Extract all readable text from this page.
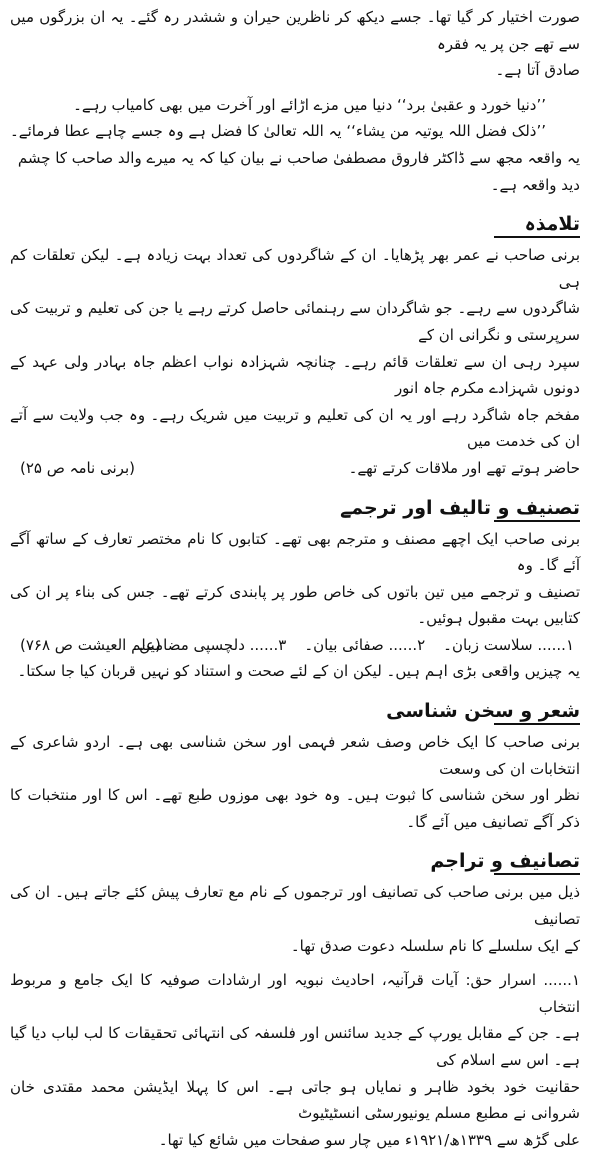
صورت اختیار کر گیا تھا۔ جسے دیکھ کر ناظرین حیران و ششدر رہ گئے۔ یہ ان بزرگوں میں سے تھے جن پر یہ فقرہ
صادق آتا ہے۔
’’دنیا خورد و عقبیٰ برد‘‘ دنیا میں مزے اڑائے اور آخرت میں بھی کامیاب رہے۔
’’ذلک فضل اللہ یوتیہ من یشاء‘‘ یہ اللہ تعالیٰ کا فضل ہے وہ جسے چاہے عطا فرمائے۔
یہ واقعہ مجھ سے ڈاکٹر فاروق مصطفیٰ صاحب نے بیان کیا کہ یہ میرے والد صاحب کا چشم دید واقعہ ہے۔
تلامذہ
برنی صاحب نے عمر بھر پڑھایا۔ ان کے شاگردوں کی تعداد بہت زیادہ ہے۔ لیکن تعلقات کم ہی
شاگردوں سے رہے۔ جو شاگردان سے رہنمائی حاصل کرتے رہے یا جن کی تعلیم و تربیت کی سرپرستی و نگرانی ان کے
سپرد رہی ان سے تعلقات قائم رہے۔ چنانچہ شہزادہ نواب اعظم جاہ بہادر ولی عہد کے دونوں شہزادے مکرم جاہ انور
مفخم جاہ شاگرد رہے اور یہ ان کی تعلیم و تربیت میں شریک رہے۔ وہ جب ولایت سے آتے ان کی خدمت میں
حاضر ہوتے تھے اور ملاقات کرتے تھے۔
(برنی نامہ ص ۲۵)
تصنیف و تالیف اور ترجمے
برنی صاحب ایک اچھے مصنف و مترجم بھی تھے۔ کتابوں کا نام مختصر تعارف کے ساتھ آگے آئے گا۔ وہ
تصنیف و ترجمے میں تین باتوں کی خاص طور پر پابندی کرتے تھے۔ جس کی بناء پر ان کی کتابیں بہت مقبول ہوئیں۔
۱...... سلاست زبان۔
۲...... صفائی بیان۔
۳...... دلچسپی مضامین۔
(علم العیشت ص ۷۶۸)
یہ چیزیں واقعی بڑی اہم ہیں۔ لیکن ان کے لئے صحت و استناد کو نہیں قربان کیا جا سکتا۔
شعر و سخن شناسی
برنی صاحب کا ایک خاص وصف شعر فہمی اور سخن شناسی بھی ہے۔ اردو شاعری کے انتخابات ان کی وسعت
نظر اور سخن شناسی کا ثبوت ہیں۔ وہ خود بھی موزوں طبع تھے۔ اس کا اور منتخبات کا ذکر آگے تصانیف میں آئے گا۔
تصانیف و تراجم
ذیل میں برنی صاحب کی تصانیف اور ترجموں کے نام مع تعارف پیش کئے جاتے ہیں۔ ان کی تصانیف
کے ایک سلسلے کا نام سلسلہ دعوت صدق تھا۔
۱...... اسرار حق: آیات قرآنیہ، احادیث نبویہ اور ارشادات صوفیہ کا ایک جامع و مربوط انتخاب
ہے۔ جن کے مقابل یورپ کے جدید سائنس اور فلسفہ کی انتہائی تحقیقات کا لب لباب دیا گیا ہے۔ اس سے اسلام کی
حقانیت خود بخود ظاہر و نمایاں ہو جاتی ہے۔ اس کا پہلا ایڈیشن محمد مقتدی خان شروانی نے مطبع مسلم یونیورسٹی انسٹیٹیوٹ
علی گڑھ سے ۱۳۳۹ھ/۱۹۲۱ء میں چار سو صفحات میں شائع کیا تھا۔
